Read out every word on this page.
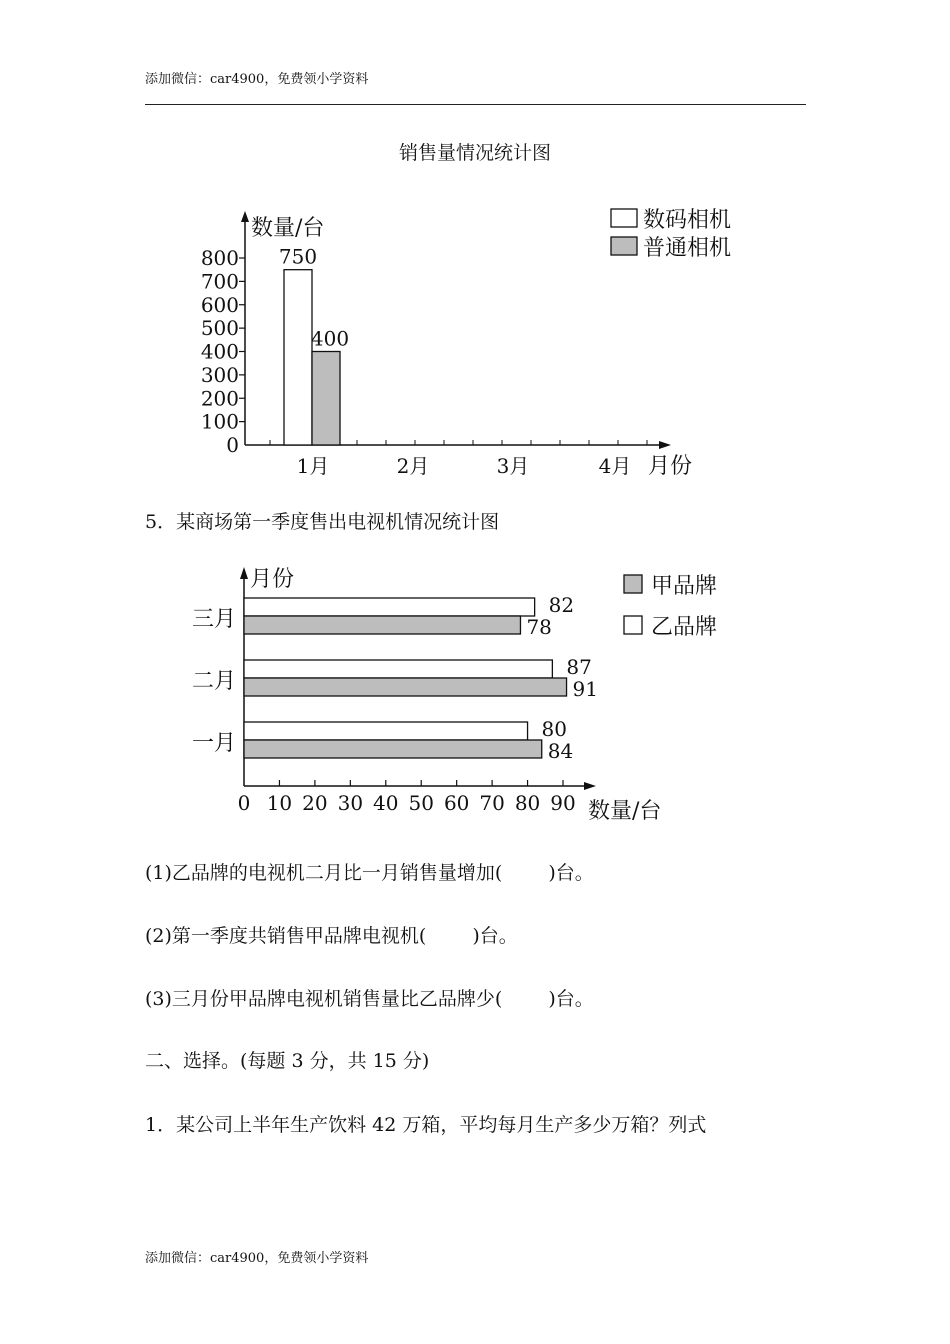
添加微信：car4900，免费领小学资料
销售量情况统计图
800
700
600
500
400
300
200
100
0
数量/台
1月	2月	3月	4月 月份
750
400
数码相机
普通相机
5．某商场第一季度售出电视机情况统计图
0 10 20 30 40 50 60 70 80 90
月份
数量/台
三月
82
78
二月
87
91
一月
80
84
甲品牌
乙品牌
(1)乙品牌的电视机二月比一月销售量增加( )台。
(2)第一季度共销售甲品牌电视机( )台。
(3)三月份甲品牌电视机销售量比乙品牌少( )台。
二、选择。(每题 3 分，共 15 分)
1．某公司上半年生产饮料 42 万箱，平均每月生产多少万箱？列式
添加微信：car4900，免费领小学资料
